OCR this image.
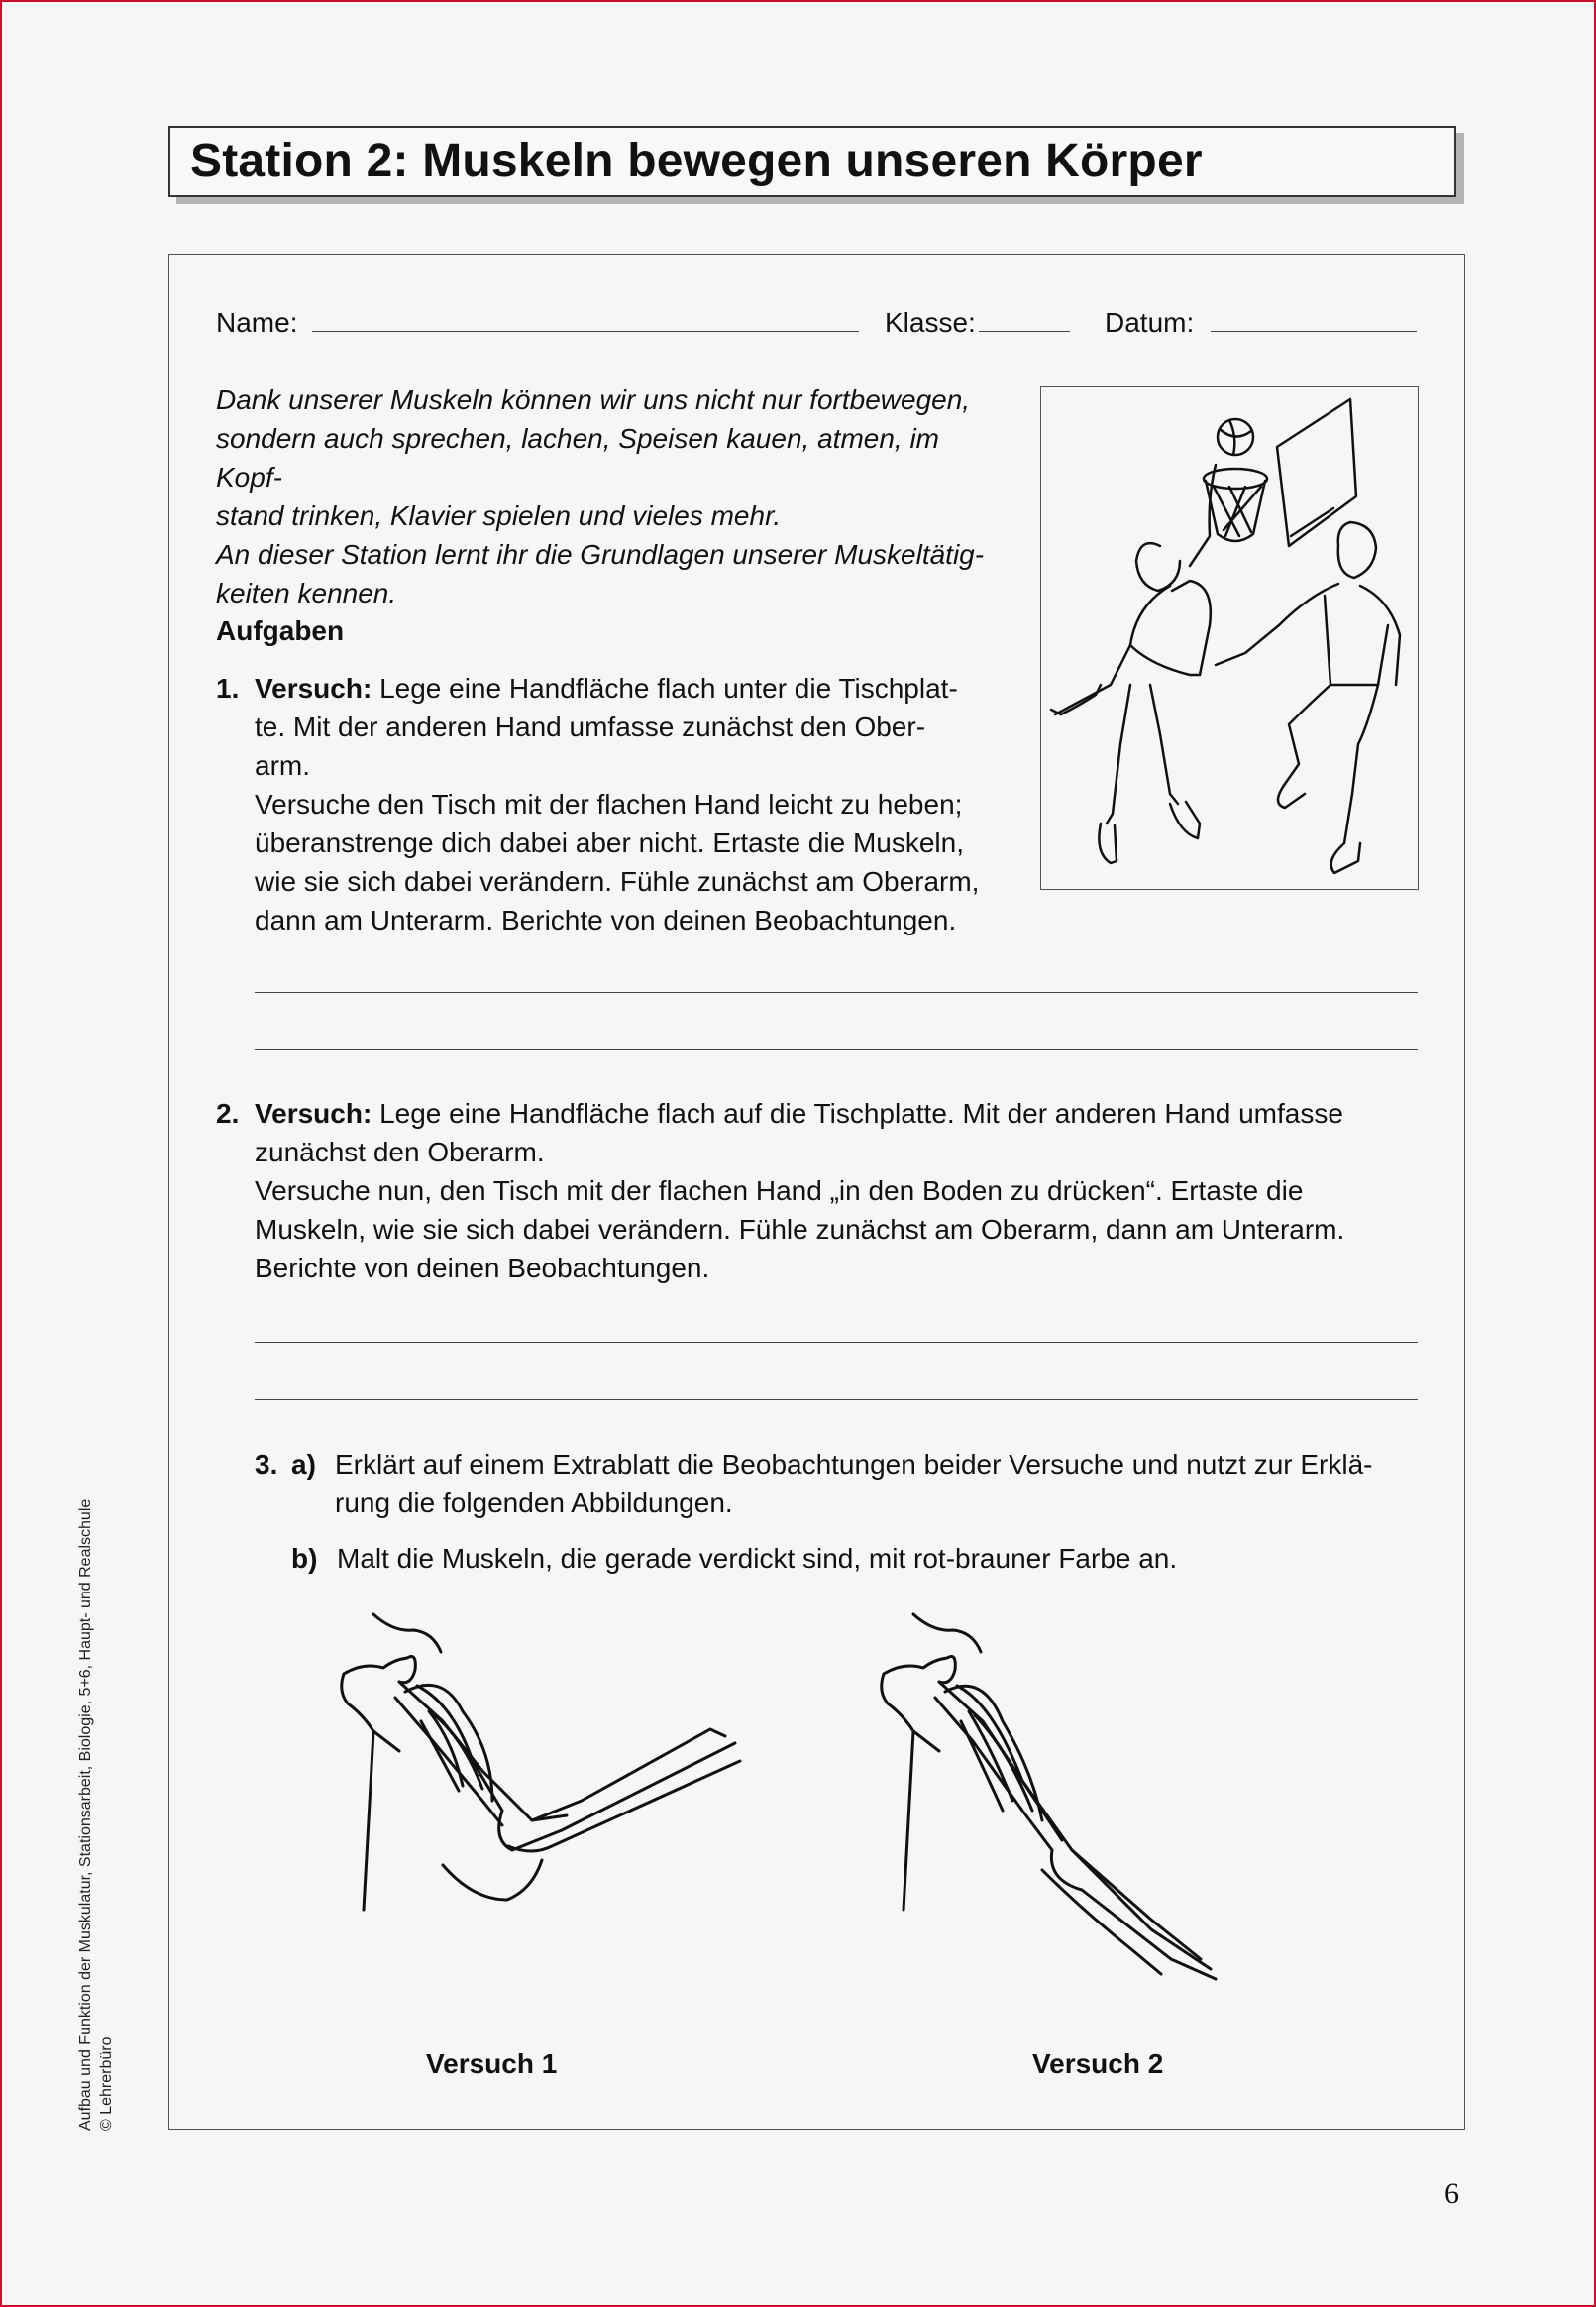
Station 2: Muskeln bewegen unseren Körper
Name:	Klasse:	Datum:
Dank unserer Muskeln können wir uns nicht nur fortbewegen,
sondern auch sprechen, lachen, Speisen kauen, atmen, im Kopf-
stand trinken, Klavier spielen und vieles mehr.
An dieser Station lernt ihr die Grundlagen unserer Muskeltätig-
keiten kennen.
Aufgaben
1. Versuch: Lege eine Handfläche flach unter die Tischplat-
te. Mit der anderen Hand umfasse zunächst den Ober-
arm.
Versuche den Tisch mit der flachen Hand leicht zu heben;
überanstrenge dich dabei aber nicht. Ertaste die Muskeln,
wie sie sich dabei verändern. Fühle zunächst am Oberarm,
dann am Unterarm. Berichte von deinen Beobachtungen.
2. Versuch: Lege eine Handfläche flach auf die Tischplatte. Mit der anderen Hand umfasse
zunächst den Oberarm.
Versuche nun, den Tisch mit der flachen Hand „in den Boden zu drücken“. Ertaste die
Muskeln, wie sie sich dabei verändern. Fühle zunächst am Oberarm, dann am Unterarm.
Berichte von deinen Beobachtungen.
3. a) Erklärt auf einem Extrablatt die Beobachtungen beider Versuche und nutzt zur Erklä-
rung die folgenden Abbildungen.
b) Malt die Muskeln, die gerade verdickt sind, mit rot-brauner Farbe an.
Versuch 1	Versuch 2
Aufbau und Funktion der Muskulatur, Stationsarbeit, Biologie, 5+6, Haupt- und Realschule © Lehrerbüro
6
